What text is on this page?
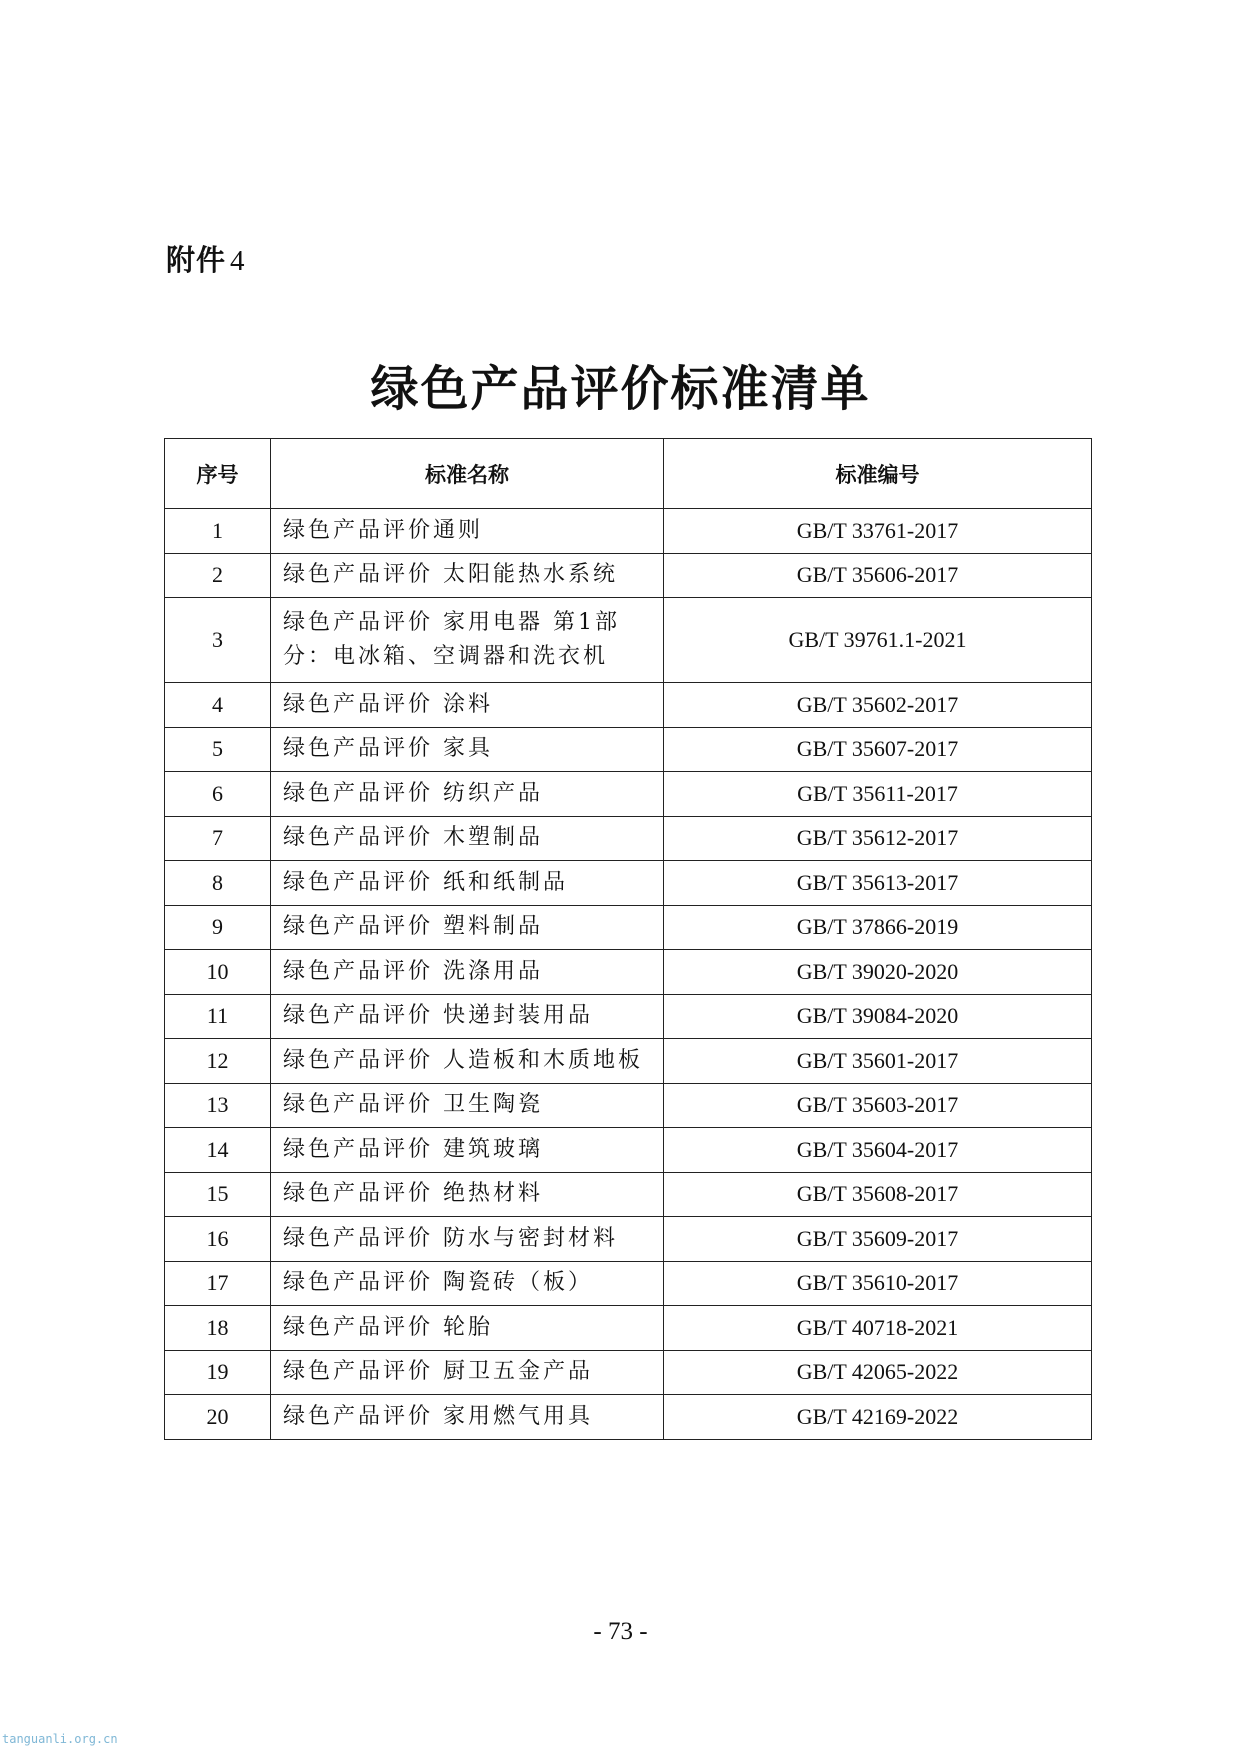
附件 4
绿色产品评价标准清单
序号	标准名称	标准编号
1	绿色产品评价通则	GB/T 33761-2017
2	绿色产品评价 太阳能热水系统	GB/T 35606-2017
3	绿色产品评价 家用电器 第1部分：电冰箱、空调器和洗衣机	GB/T 39761.1-2021
4	绿色产品评价 涂料	GB/T 35602-2017
5	绿色产品评价 家具	GB/T 35607-2017
6	绿色产品评价 纺织产品	GB/T 35611-2017
7	绿色产品评价 木塑制品	GB/T 35612-2017
8	绿色产品评价 纸和纸制品	GB/T 35613-2017
9	绿色产品评价 塑料制品	GB/T 37866-2019
10	绿色产品评价 洗涤用品	GB/T 39020-2020
11	绿色产品评价 快递封装用品	GB/T 39084-2020
12	绿色产品评价 人造板和木质地板	GB/T 35601-2017
13	绿色产品评价 卫生陶瓷	GB/T 35603-2017
14	绿色产品评价 建筑玻璃	GB/T 35604-2017
15	绿色产品评价 绝热材料	GB/T 35608-2017
16	绿色产品评价 防水与密封材料	GB/T 35609-2017
17	绿色产品评价 陶瓷砖（板）	GB/T 35610-2017
18	绿色产品评价 轮胎	GB/T 40718-2021
19	绿色产品评价 厨卫五金产品	GB/T 42065-2022
20	绿色产品评价 家用燃气用具	GB/T 42169-2022
- 73 -
tanguanli.org.cn
